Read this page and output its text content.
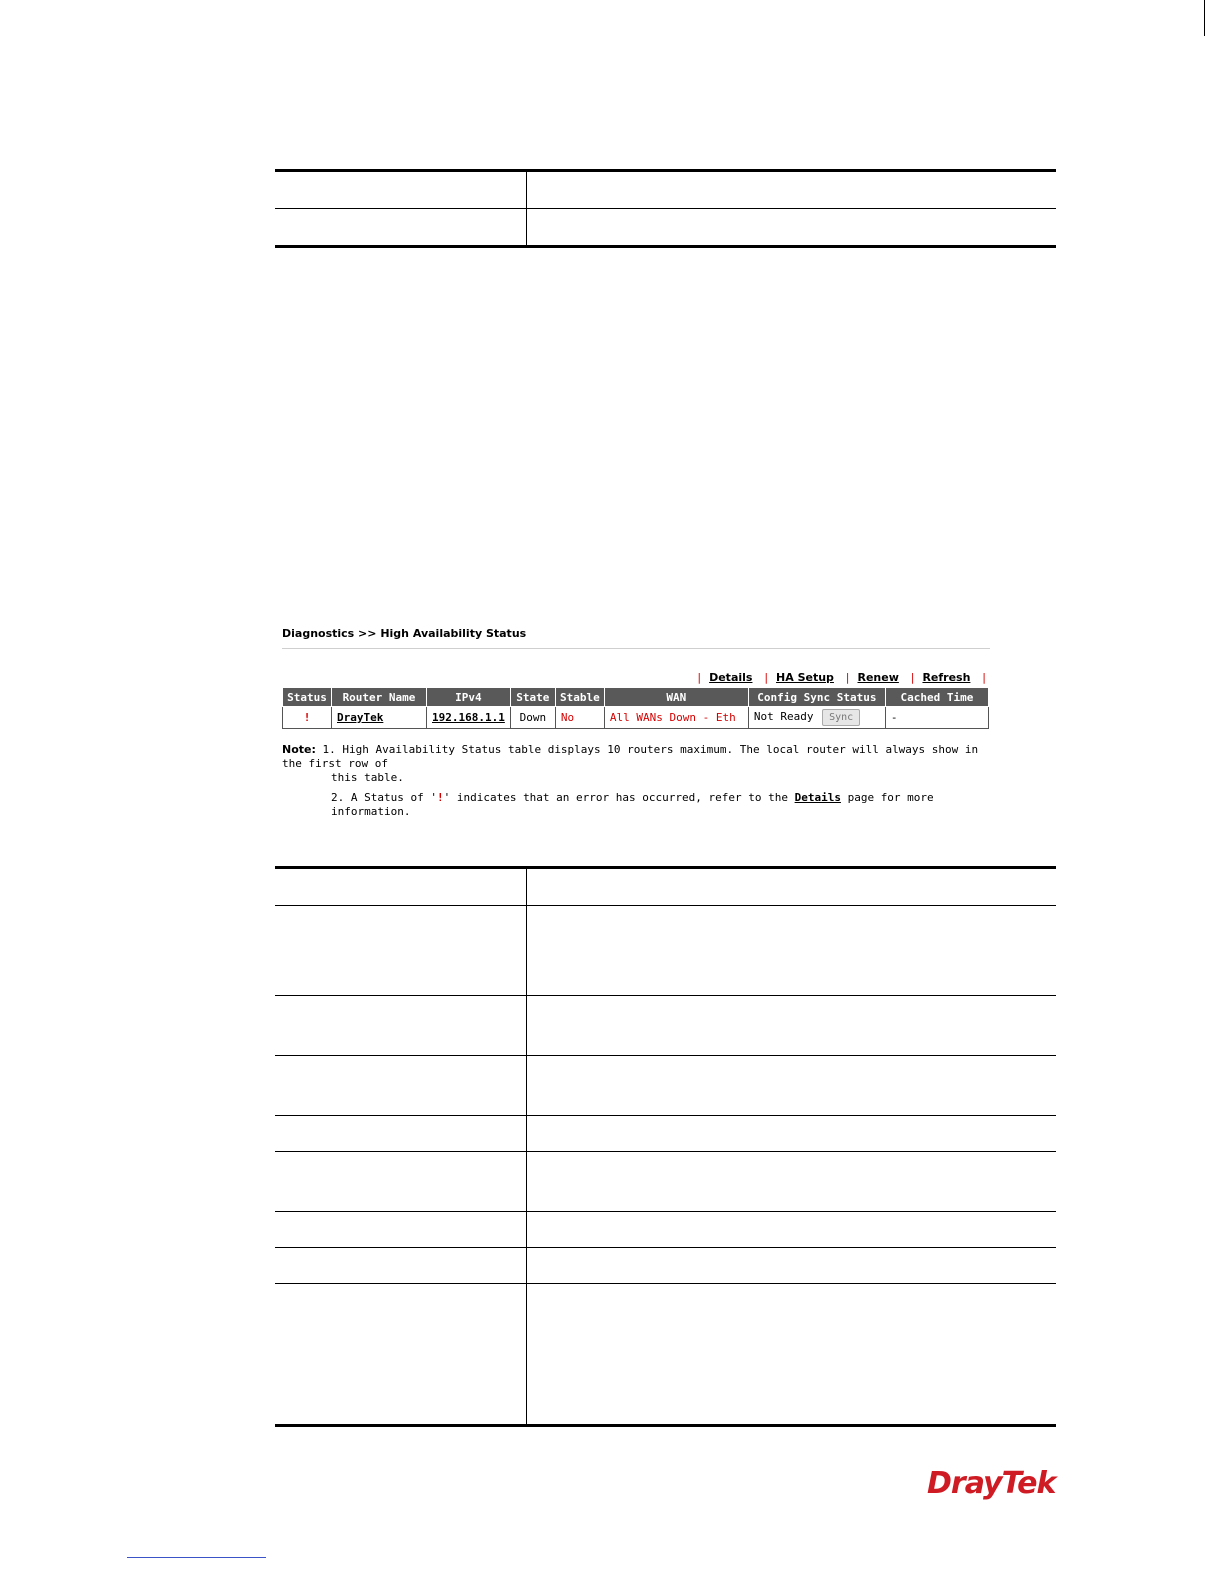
Diagnostics >> High Availability Status
| Details | HA Setup | Renew | Refresh |
Status	Router Name	IPv4	State	Stable	WAN	Config Sync Status	Cached Time
!	DrayTek	192.168.1.1	Down	No	All WANs Down - Eth	Not Ready Sync	-
Note: 1. High Availability Status table displays 10 routers maximum. The local router will always show in the first row of
this table.
2. A Status of '!' indicates that an error has occurred, refer to the Details page for more information.
DrayTek
